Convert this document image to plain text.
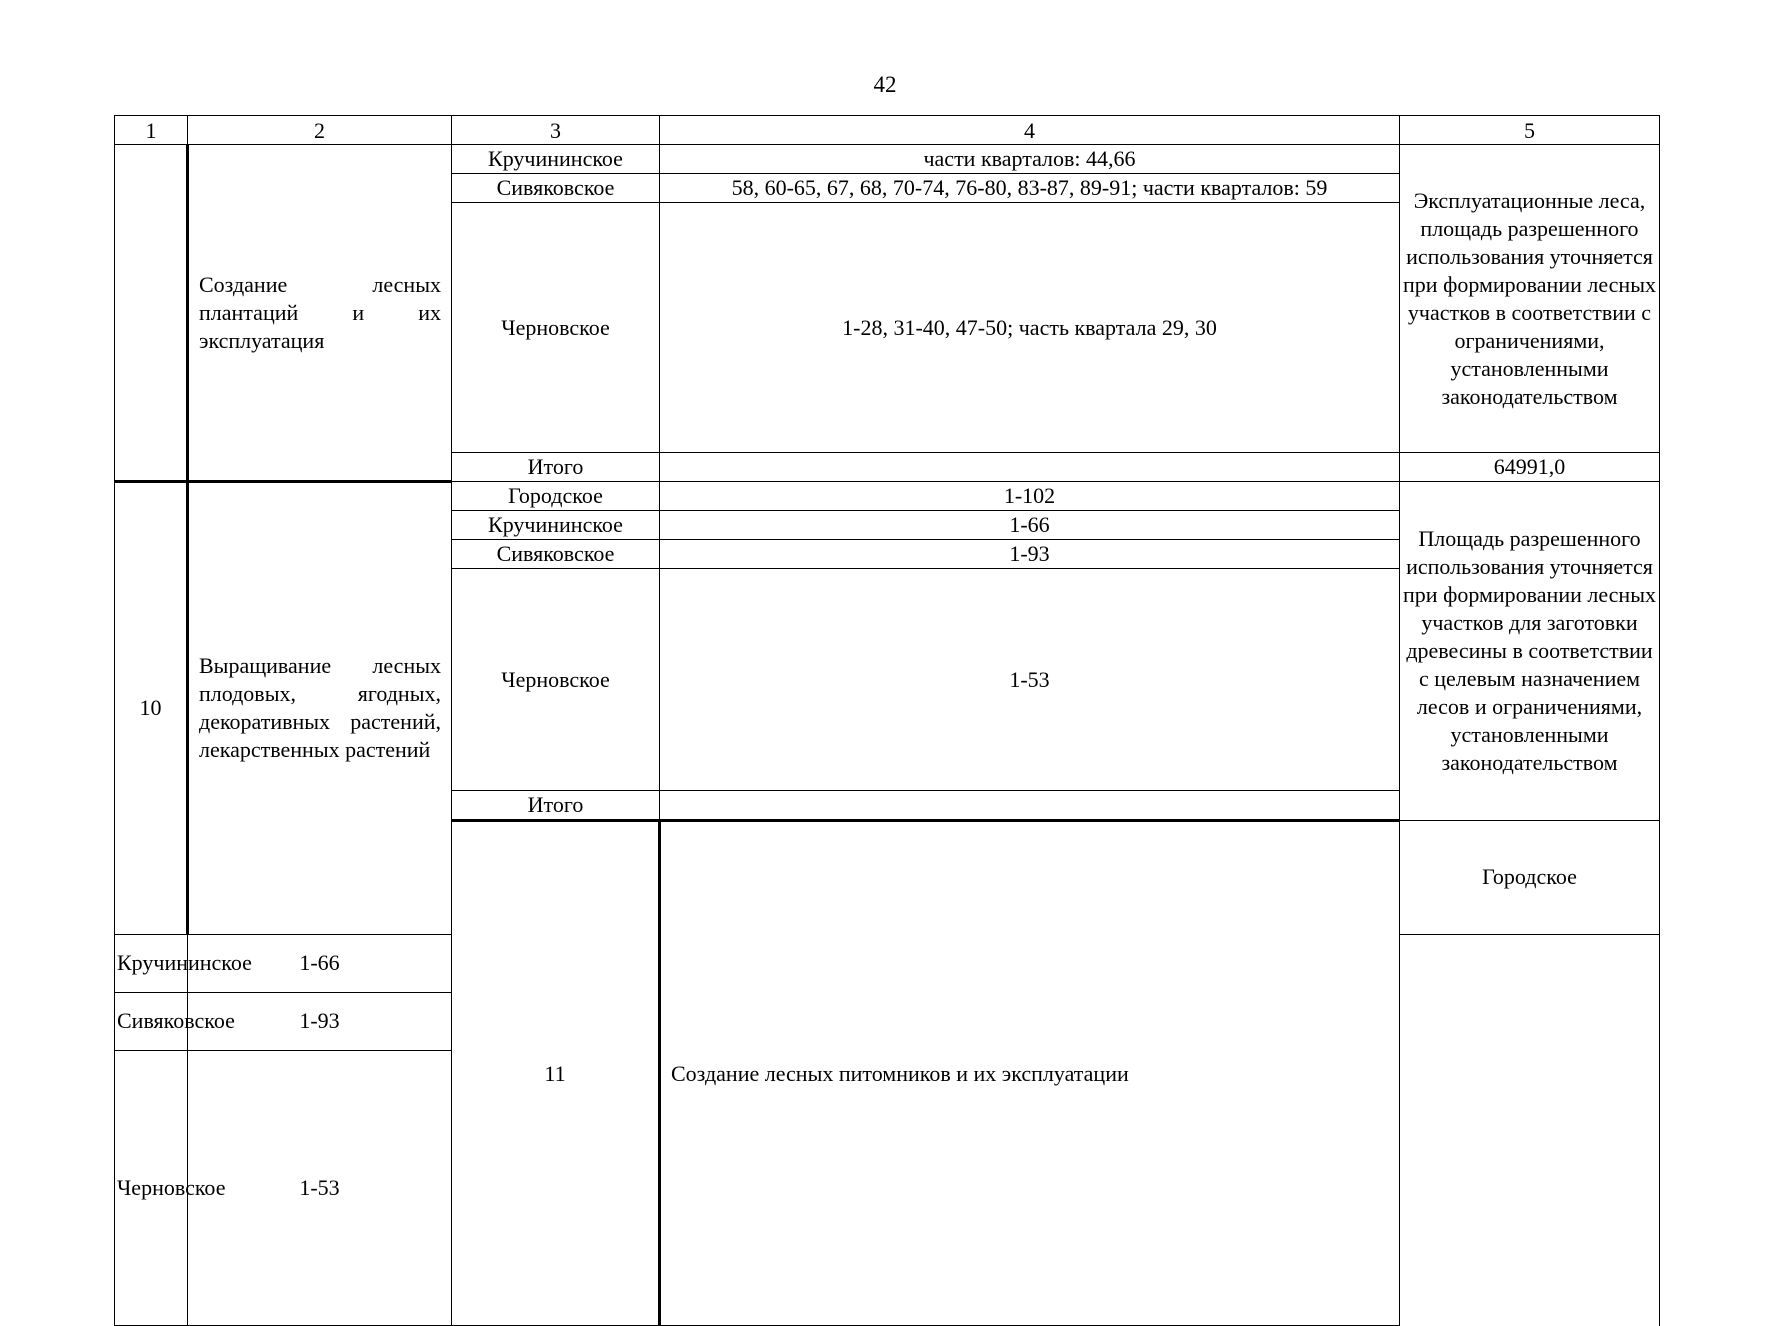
42
1	2	3	4	5	
	Создание лесных плантаций и их эксплуатация	Кручининское	части кварталов: 44,66	Эксплуатационные леса, площадь разрешенного использования уточняется при формировании лесных участков в соответствии с ограничениями, установленными законодательством	
		Сивяковское	58, 60-65, 67, 68, 70-74, 76-80, 83-87, 89-91; части кварталов: 59		
		Черновское	1-28, 31-40, 47-50; часть квартала 29, 30		
		Итого		64991,0	
10	Выращивание лесных плодовых, ягодных, декоративных растений, лекарственных растений	Городское	1-102	Площадь разрешенного использования уточняется при формировании лесных участков для заготовки древесины в соответствии с целевым назначением лесов и ограничениями, установленными законодательством	
		Кручининское	1-66		
		Сивяковское	1-93		
		Черновское	1-53		
		Итого		
		11	Создание лесных питомников и их эксплуатации	Городское		
Кручининское	1-66				
Сивяковское	1-93				
Черновское	1-53				
